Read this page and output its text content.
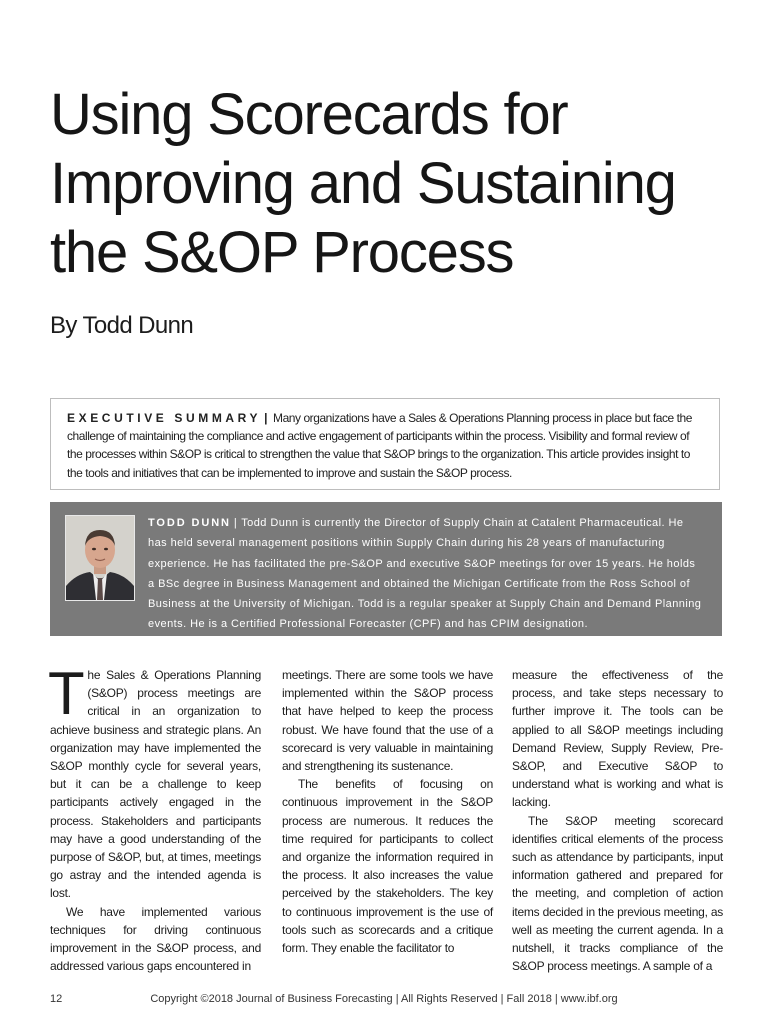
Using Scorecards for
Improving and Sustaining
the S&OP Process
By Todd Dunn
EXECUTIVE SUMMARY | Many organizations have a Sales & Operations Planning process in place but face the challenge of maintaining the compliance and active engagement of participants within the process. Visibility and formal review of the processes within S&OP is critical to strengthen the value that S&OP brings to the organization. This article provides insight to the tools and initiatives that can be implemented to improve and sustain the S&OP process.
TODD DUNN | Todd Dunn is currently the Director of Supply Chain at Catalent Pharmaceutical. He has held several management positions within Supply Chain during his 28 years of manufacturing experience. He has facilitated the pre-S&OP and executive S&OP meetings for over 15 years. He holds a BSc degree in Business Management and obtained the Michigan Certificate from the Ross School of Business at the University of Michigan. Todd is a regular speaker at Supply Chain and Demand Planning events. He is a Certified Professional Forecaster (CPF) and has CPIM designation.

The Sales & Operations Planning (S&OP) process meetings are critical in an organization to achieve business and strategic plans. An organization may have implemented the S&OP monthly cycle for several years, but it can be a challenge to keep participants actively engaged in the process. Stakeholders and participants may have a good understanding of the purpose of S&OP, but, at times, meetings go astray and the intended agenda is lost.

We have implemented various techniques for driving continuous improvement in the S&OP process, and addressed various gaps encountered in

meetings. There are some tools we have implemented within the S&OP process that have helped to keep the process robust. We have found that the use of a scorecard is very valuable in maintaining and strengthening its sustenance.

The benefits of focusing on continuous improvement in the S&OP process are numerous. It reduces the time required for participants to collect and organize the information required in the process. It also increases the value perceived by the stakeholders. The key to continuous improvement is the use of tools such as scorecards and a critique form. They enable the facilitator to

measure the effectiveness of the process, and take steps necessary to further improve it. The tools can be applied to all S&OP meetings including Demand Review, Supply Review, Pre-S&OP, and Executive S&OP to understand what is working and what is lacking.

The S&OP meeting scorecard identifies critical elements of the process such as attendance by participants, input information gathered and prepared for the meeting, and completion of action items decided in the previous meeting, as well as meeting the current agenda. In a nutshell, it tracks compliance of the S&OP process meetings. A sample of a

12	Copyright ©2018 Journal of Business Forecasting | All Rights Reserved | Fall 2018 | www.ibf.org
